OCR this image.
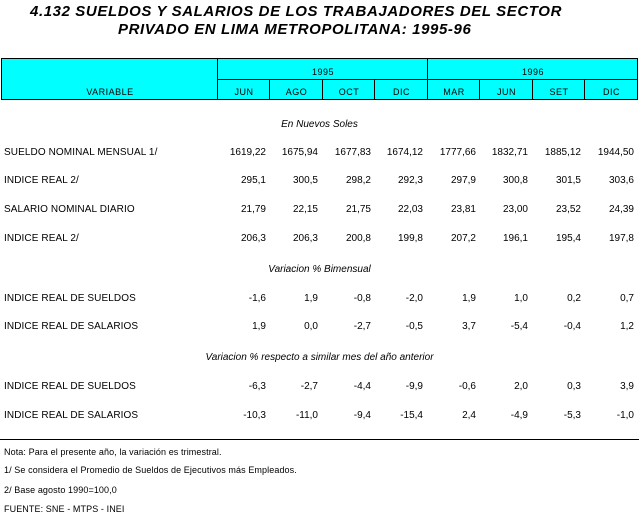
4.132 SUELDOS Y SALARIOS DE LOS TRABAJADORES DEL SECTOR
PRIVADO EN LIMA METROPOLITANA: 1995-96
VARIABLE
1995	1996
JUN	AGO	OCT	DIC	MAR	JUN	SET	DIC
En Nuevos Soles
SUELDO NOMINAL MENSUAL 1/	1619,22	1675,94	1677,83	1674,12	1777,66	1832,71	1885,12	1944,50
INDICE REAL 2/	295,1	300,5	298,2	292,3	297,9	300,8	301,5	303,6
SALARIO NOMINAL DIARIO	21,79	22,15	21,75	22,03	23,81	23,00	23,52	24,39
INDICE REAL 2/	206,3	206,3	200,8	199,8	207,2	196,1	195,4	197,8
Variacion % Bimensual
INDICE REAL DE SUELDOS	-1,6	1,9	-0,8	-2,0	1,9	1,0	0,2	0,7
INDICE REAL DE SALARIOS	1,9	0,0	-2,7	-0,5	3,7	-5,4	-0,4	1,2
Variacion % respecto a similar mes del año anterior
INDICE REAL DE SUELDOS	-6,3	-2,7	-4,4	-9,9	-0,6	2,0	0,3	3,9
INDICE REAL DE SALARIOS	-10,3	-11,0	-9,4	-15,4	2,4	-4,9	-5,3	-1,0
Nota: Para el presente año, la variación es trimestral.
1/ Se considera el Promedio de Sueldos de Ejecutivos más Empleados.
2/ Base agosto 1990=100,0
FUENTE: SNE - MTPS - INEI
